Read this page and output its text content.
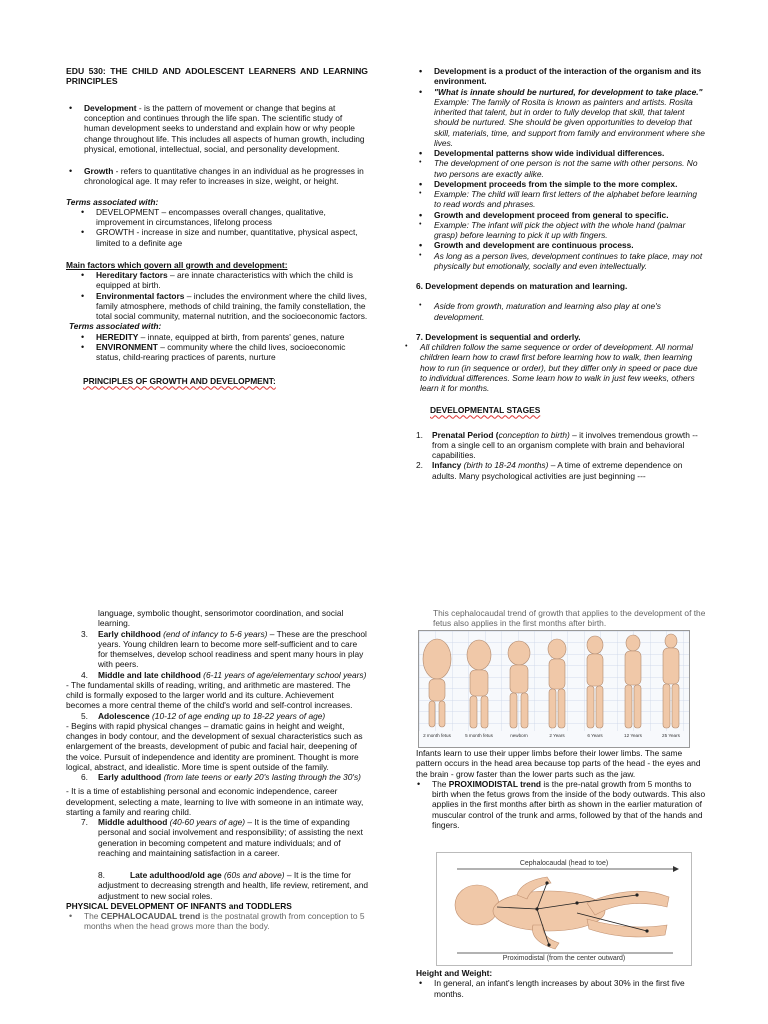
EDU 530: THE CHILD AND ADOLESCENT LEARNERS AND LEARNING PRINCIPLES

• Development - is the pattern of movement or change that begins at conception and continues through the life span. The scientific study of human development seeks to understand and explain how or why people change throughout life. This includes all aspects of human growth, including physical, emotional, intellectual, social, and personality development.
• Growth - refers to quantitative changes in an individual as he progresses in chronological age. It may refer to increases in size, weight, or height.

Terms associated with:

• DEVELOPMENT – encompasses overall changes, qualitative, improvement in circumstances, lifelong process
• GROWTH - increase in size and number, quantitative, physical aspect, limited to a definite age

Main factors which govern all growth and development:

• Hereditary factors – are innate characteristics with which the child is equipped at birth.
• Environmental factors – includes the environment where the child lives, family atmosphere, methods of child training, the family constellation, the total social community, maternal nutrition, and the socioeconomic factors.

Terms associated with:

• HEREDITY – innate, equipped at birth, from parents' genes, nature
• ENVIRONMENT – community where the child lives, socioeconomic status, child-rearing practices of parents, nurture

PRINCIPLES OF GROWTH AND DEVELOPMENT:

• Development is a product of the interaction of the organism and its environment.
• "What is innate should be nurtured, for development to take place." Example: The family of Rosita is known as painters and artists. Rosita inherited that talent, but in order to fully develop that skill, that talent should be nurtured. She should be given opportunities to develop that skill, materials, time, and support from family and environment where she lives.
• Developmental patterns show wide individual differences.
• The development of one person is not the same with other persons. No two persons are exactly alike.
• Development proceeds from the simple to the more complex.
• Example: The child will learn first letters of the alphabet before learning to read words and phrases.
• Growth and development proceed from general to specific.
• Example: The infant will pick the object with the whole hand (palmar grasp) before learning to pick it up with fingers.
• Growth and development are continuous process.
• As long as a person lives, development continues to take place, may not physically but emotionally, socially and even intellectually.

6. Development depends on maturation and learning.

• Aside from growth, maturation and learning also play at one's development.

7. Development is sequential and orderly.

• All children follow the same sequence or order of development. All normal children learn how to crawl first before learning how to walk, then learning how to run (in sequence or order), but they differ only in speed or pace due to individual differences. Some learn how to walk in just few weeks, others learn it for months.

DEVELOPMENTAL STAGES

1. Prenatal Period (conception to birth) – it involves tremendous growth -- from a single cell to an organism complete with brain and behavioral capabilities.
2. Infancy (birth to 18-24 months) – A time of extreme dependence on adults. Many psychological activities are just beginning ---

language, symbolic thought, sensorimotor coordination, and social learning.

3. Early childhood (end of infancy to 5-6 years) – These are the preschool years. Young children learn to become more self-sufficient and to care for themselves, develop school readiness and spent many hours in play with peers.
4. Middle and late childhood (6-11 years of age/elementary school years)

- The fundamental skills of reading, writing, and arithmetic are mastered. The child is formally exposed to the larger world and its culture. Achievement becomes a more central theme of the child's world and self-control increases.

5. Adolescence (10-12 of age ending up to 18-22 years of age)

- Begins with rapid physical changes – dramatic gains in height and weight, changes in body contour, and the development of sexual characteristics such as enlargement of the breasts, development of pubic and facial hair, deepening of the voice. Pursuit of independence and identity are prominent. Thought is more logical, abstract, and idealistic. More time is spent outside of the family.

6. Early adulthood (from late teens or early 20's lasting through the 30's)

- It is a time of establishing personal and economic independence, career development, selecting a mate, learning to live with someone in an intimate way, starting a family and rearing child.

7. Middle adulthood (40-60 years of age) – It is the time of expanding personal and social involvement and responsibility; of assisting the next generation in becoming competent and mature individuals; and of reaching and maintaining satisfaction in a career.
8.	Late adulthood/old age (60s and above) – It is the time for adjustment to decreasing strength and health, life review, retirement, and adjustment to new social roles.

PHYSICAL DEVELOPMENT OF INFANTS and TODDLERS

• The CEPHALOCAUDAL trend is the postnatal growth from conception to 5 months when the head grows more than the body.

This cephalocaudal trend of growth that applies to the development of the fetus also applies in the first months after birth.

2 month fetus	5 month fetus	newborn	2 Years	6 Years	12 Years	25 Years

Infants learn to use their upper limbs before their lower limbs. The same pattern occurs in the head area because top parts of the head - the eyes and the brain - grow faster than the lower parts such as the jaw.

• The PROXIMODISTAL trend is the pre-natal growth from 5 months to birth when the fetus grows from the inside of the body outwards. This also applies in the first months after birth as shown in the earlier maturation of muscular control of the trunk and arms, followed by that of the hands and fingers.
Cephalocaudal (head to toe)
Proximodistal (from the center outward)

Height and Weight:

• In general, an infant's length increases by about 30% in the first five months.
